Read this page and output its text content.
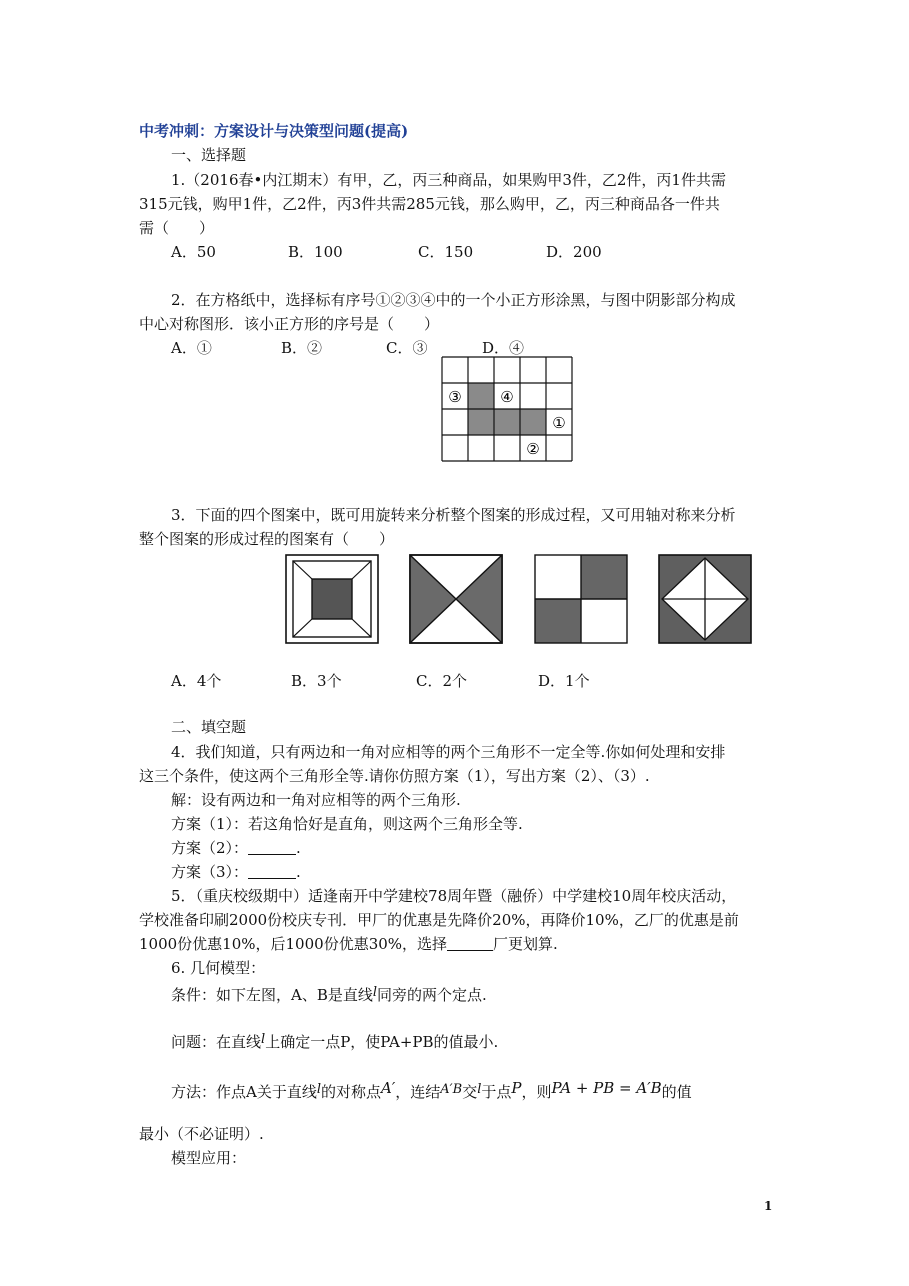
中考冲刺：方案设计与决策型问题(提高)
一、选择题
1.（2016春•内江期末）有甲，乙，丙三种商品，如果购甲3件，乙2件，丙1件共需
315元钱，购甲1件，乙2件，丙3件共需285元钱，那么购甲，乙，丙三种商品各一件共
需（　　）
A．50	B．100	C．150	D．200
2．在方格纸中，选择标有序号①②③④中的一个小正方形涂黑，与图中阴影部分构成
中心对称图形．该小正方形的序号是（　　）
A．①	B．②	C．③	D．④
③	④
①
②
3．下面的四个图案中，既可用旋转来分析整个图案的形成过程，又可用轴对称来分析
整个图案的形成过程的图案有（　　）
A．4个	B．3个	C．2个	D．1个
二、填空题
4．我们知道，只有两边和一角对应相等的两个三角形不一定全等.你如何处理和安排
这三个条件，使这两个三角形全等.请你仿照方案（1），写出方案（2）、（3）.
解：设有两边和一角对应相等的两个三角形.
方案（1）：若这角恰好是直角，则这两个三角形全等.
方案（2）：	.
方案（3）：	.
5．（重庆校级期中）适逢南开中学建校78周年暨（融侨）中学建校10周年校庆活动，
学校准备印刷2000份校庆专刊．甲厂的优惠是先降价20%，再降价10%，乙厂的优惠是前
1000份优惠10%，后1000份优惠30%，选择	厂更划算.
6. 几何模型：
条件：如下左图，A、B是直线l同旁的两个定点.
问题：在直线l上确定一点P，使PA+PB的值最小.
方法：作点A关于直线l的对称点A′，连结A′B交l于点P，则PA + PB = A′B的值
最小（不必证明）.
模型应用：
1
